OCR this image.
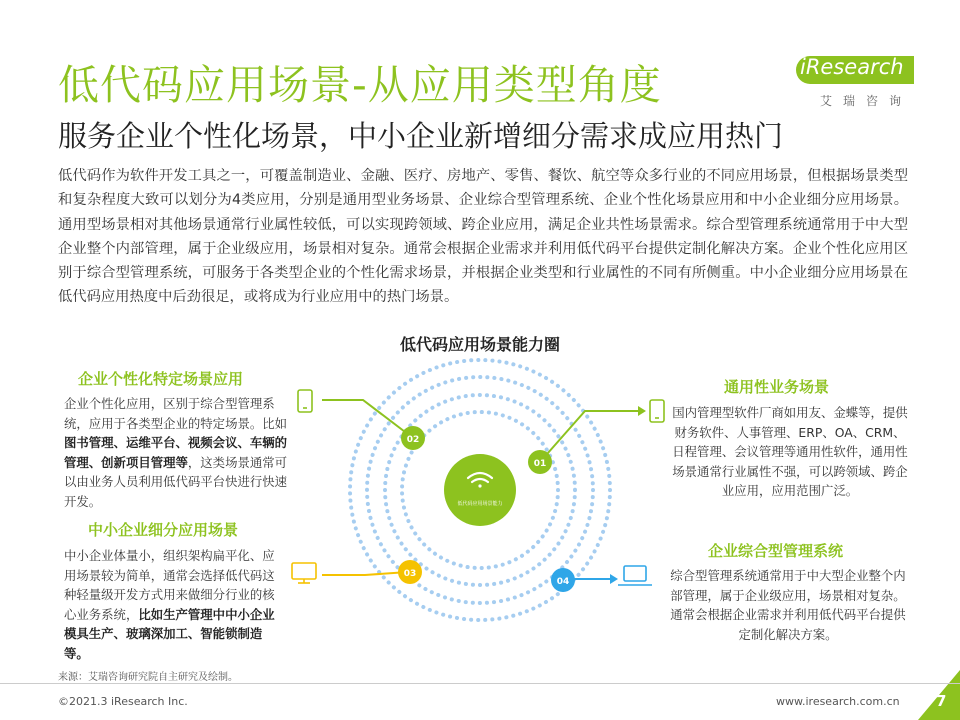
低代码应用场景-从应用类型角度
服务企业个性化场景，中小企业新增细分需求成应用热门
iResearch
艾瑞咨询
低代码作为软件开发工具之一，可覆盖制造业、金融、医疗、房地产、零售、餐饮、航空等众多行业的不同应用场景，但根据场景类型和复杂程度大致可以划分为4类应用，分别是通用型业务场景、企业综合型管理系统、企业个性化场景应用和中小企业细分应用场景。通用型场景相对其他场景通常行业属性较低，可以实现跨领域、跨企业应用，满足企业共性场景需求。综合型管理系统通常用于中大型企业整个内部管理，属于企业级应用，场景相对复杂。通常会根据企业需求并利用低代码平台提供定制化解决方案。企业个性化应用区别于综合型管理系统，可服务于各类型企业的个性化需求场景，并根据企业类型和行业属性的不同有所侧重。中小企业细分应用场景在低代码应用热度中后劲很足，或将成为行业应用中的热门场景。
低代码应用场景能力圈
02
01
03
04
低代码应用场景能力
企业个性化特定场景应用
企业个性化应用，区别于综合型管理系统，应用于各类型企业的特定场景。比如图书管理、运维平台、视频会议、车辆的管理、创新项目管理等，这类场景通常可以由业务人员利用低代码平台快进行快速开发。
中小企业细分应用场景
中小企业体量小，组织架构扁平化、应用场景较为简单，通常会选择低代码这种轻量级开发方式用来做细分行业的核心业务系统，比如生产管理中中小企业模具生产、玻璃深加工、智能锁制造等。
通用性业务场景
国内管理型软件厂商如用友、金蝶等，提供财务软件、人事管理、ERP、OA、CRM、日程管理、会议管理等通用性软件，通用性场景通常行业属性不强，可以跨领域、跨企业应用，应用范围广泛。
企业综合型管理系统
综合型管理系统通常用于中大型企业整个内部管理，属于企业级应用，场景相对复杂。通常会根据企业需求并利用低代码平台提供定制化解决方案。
来源：艾瑞咨询研究院自主研究及绘制。
©2021.3 iResearch Inc.	www.iresearch.com.cn 7
